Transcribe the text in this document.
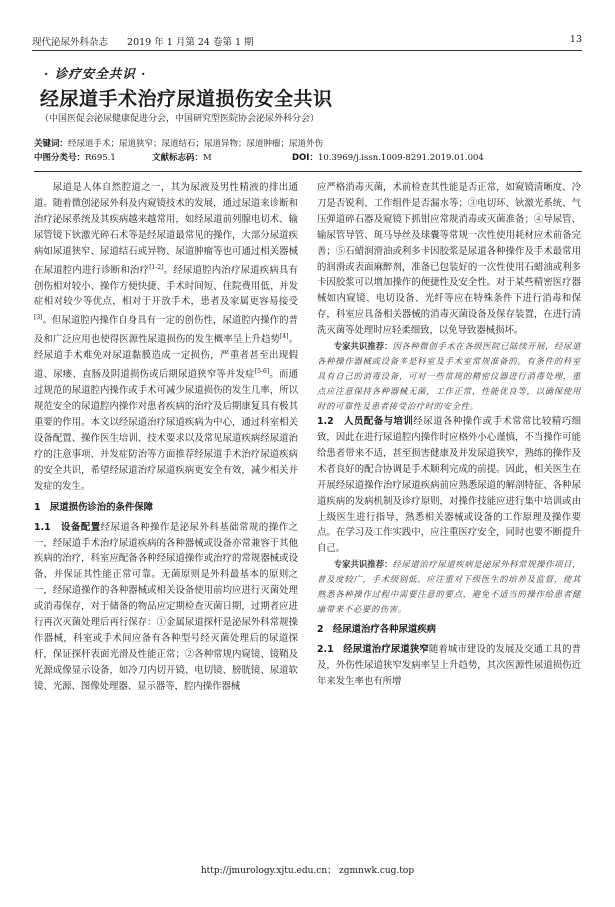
现代泌尿外科杂志 2019 年 1 月第 24 卷第 1 期	13
· 诊疗安全共识 ·
经尿道手术治疗尿道损伤安全共识
（中国医促会泌尿健康促进分会，中国研究型医院协会泌尿外科分会）
关键词：经尿道手术；尿道狭窄；尿道结石；尿道异物；尿道肿瘤；尿道外伤
中图分类号：R695.1	文献标志码：M	DOI：10.3969/j.issn.1009-8291.2019.01.004

尿道是人体自然腔道之一，其为尿液及男性精液的排出通道。随着微创泌尿外科及内窥镜技术的发展，通过尿道来诊断和治疗泌尿系统及其疾病越来越常用，如经尿道前列腺电切术、输尿管镜下钬激光碎石术等是经尿道最常见的操作，大部分尿道疾病如尿道狭窄、尿道结石或异物、尿道肿瘤等也可通过相关器械在尿道腔内进行诊断和治疗[1-2]。经尿道腔内治疗尿道疾病具有创伤相对较小、操作方便快捷、手术时间短、住院费用低、并发症相对较少等优点，相对于开放手术，患者及家属更容易接受[3]。但尿道腔内操作自身具有一定的创伤性，尿道腔内操作的普及和广泛应用也使得医源性尿道损伤的发生概率呈上升趋势[4]。经尿道手术难免对尿道黏膜造成一定损伤，严重者甚至出现假道、尿瘘、直肠及阴道损伤或后期尿道狭窄等并发症[5-6]。而通过规范的尿道腔内操作或手术可减少尿道损伤的发生几率，所以规范安全的尿道腔内操作对患者疾病的治疗及后期康复具有极其重要的作用。本文以经尿道治疗尿道疾病为中心，通过科室相关设备配置、操作医生培训、技术要求以及常见尿道疾病经尿道治疗的注意事项、并发症防治等方面推荐经尿道手术治疗尿道疾病的安全共识，希望经尿道治疗尿道疾病更安全有效，减少相关并发症的发生。

1　尿道损伤诊治的条件保障

1.1　设备配置经尿道各种操作是泌尿外科基础常规的操作之一，经尿道手术治疗尿道疾病的各种器械或设备亦常兼容于其他疾病的治疗，科室应配备各种经尿道操作或治疗的常规器械或设备，并保证其性能正常可靠。无菌原则是外科最基本的原则之一，经尿道操作的各种器械或相关设备使用前均应进行灭菌处理或消毒保存，对于储备的物品应定期检查灭菌日期，过期者应进行再次灭菌处理后再行保存：①金属尿道探杆是泌尿外科常规操作器械，科室或手术间应备有各种型号经灭菌处理后的尿道探杆，保证探杆表面光滑及性能正常；②各种常规内窥镜、镜鞘及光源成像显示设备，如冷刀内切开镜、电切镜、膀胱镜、尿道软镜、光源、图像处理器、显示器等，腔内操作器械

应严格消毒灭菌，术前检查其性能是否正常，如窥镜清晰度、冷刀是否锐利、工作组件是否漏水等；③电切环、钬激光系统、气压弹道碎石器及窥镜下抓钳应常规消毒或灭菌准备；④导尿管、输尿管导管、斑马导丝及球囊等常规一次性使用耗材应术前备完善；⑤石蜡润滑油或利多卡因胶浆是尿道各种操作及手术最常用的润滑或表面麻醉剂，准备已包装好的一次性使用石蜡油或利多卡因胶浆可以增加操作的便捷性及安全性。对于某些精密医疗器械如内窥镜、电切设备、光纤等应在特殊条件下进行消毒和保存，科室应具备相关器械的消毒灭菌设备及保存装置，在进行清洗灭菌等处理时应轻柔细致，以免导致器械损坏。

专家共识推荐：因各种微创手术在各级医院已陆续开展，经尿道各种操作器械或设备多是科室及手术室常规准备的。有条件的科室具有自己的消毒设备，可对一些常规的精密仪器进行消毒处理，重点应注意保持各种器械无菌，工作正常，性能优良等，以确保使用时的可靠性及患者接受治疗时的安全性。

1.2　人员配备与培训经尿道各种操作或手术常常比较精巧细致，因此在进行尿道腔内操作时应格外小心谨慎，不当操作可能给患者带来不适，甚至损害健康及并发尿道狭窄，熟练的操作及术者良好的配合协调是手术顺利完成的前提。因此，相关医生在开展经尿道操作治疗尿道疾病前应熟悉尿道的解剖特征、各种尿道疾病的发病机制及诊疗原则，对操作技能应进行集中培训或由上级医生进行指导，熟悉相关器械或设备的工作原理及操作要点。在学习及工作实践中，应注重医疗安全，同时也要不断提升自己。

专家共识推荐：经尿道治疗尿道疾病是泌尿外科常规操作项目，普及度较广，手术级别低。应注重对下级医生的培养及监督，使其熟悉各种操作过程中需要注意的要点，避免不适当的操作给患者健康带来不必要的伤害。

2　经尿道治疗各种尿道疾病

2.1　经尿道治疗尿道狭窄随着城市建设的发展及交通工具的普及，外伤性尿道狭窄发病率呈上升趋势，其次医源性尿道损伤近年来发生率也有所增

http://jmurology.xjtu.edu.cn； zgmnwk.cug.top
